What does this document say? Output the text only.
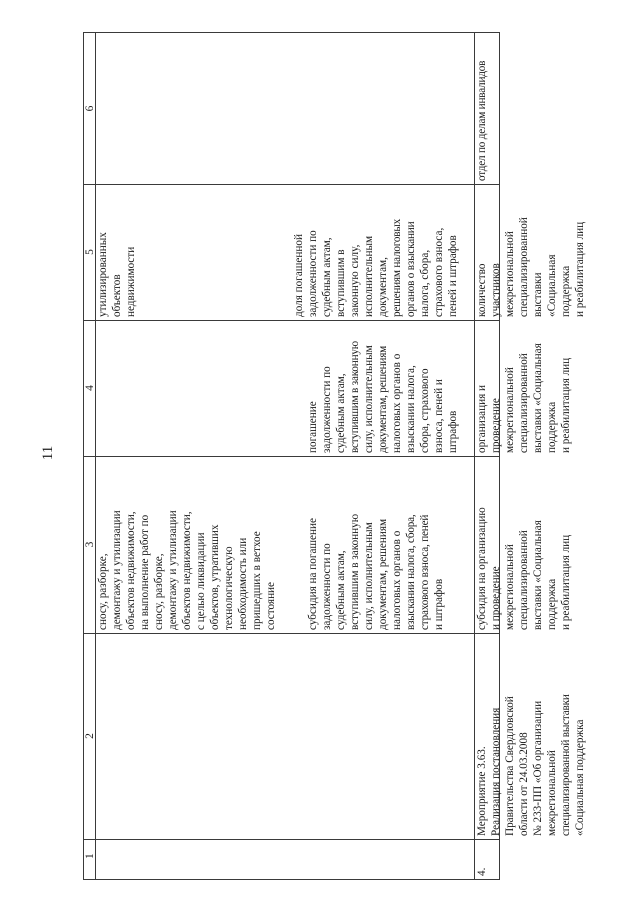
11
6
5
4
3
2
1
сносу, разборке, демонтажу и утилизации объектов недвижимости, на выполнение работ по сносу, разборке, демонтажу и утилизации объектов недвижимости, с целью ликвидации объектов, утративших технологическую необходимость или пришедших в ветхое состояние
утилизированных объектов недвижимости
субсидия на погашение задолженности по судебным актам, вступившим в законную силу, исполнительным документам, решениям налоговых органов о взыскании налога, сбора, страхового взноса, пеней и штрафов
погашение задолженности по судебным актам, вступившим в законную силу, исполнительным документам, решениям налоговых органов о взыскании налога, сбора, страхового взноса, пеней и штрафов
доля погашенной задолженности по судебным актам, вступившим в законную силу, исполнительным документам, решениям налоговых органов о взыскании налога, сбора, страхового взноса, пеней и штрафов
4.
Мероприятие 3.63. Реализация постановления Правительства Свердловской области от 24.03.2008 № 233-ПП «Об организации межрегиональной специализированной выставки «Социальная поддержка
субсидия на организацию и проведение межрегиональной специализированной выставки «Социальная поддержка и реабилитация лиц
организация и проведение межрегиональной специализированной выставки «Социальная поддержка и реабилитация лиц
количество участников межрегиональной специализированной выставки «Социальная поддержка и реабилитация лиц
отдел по делам инвалидов
